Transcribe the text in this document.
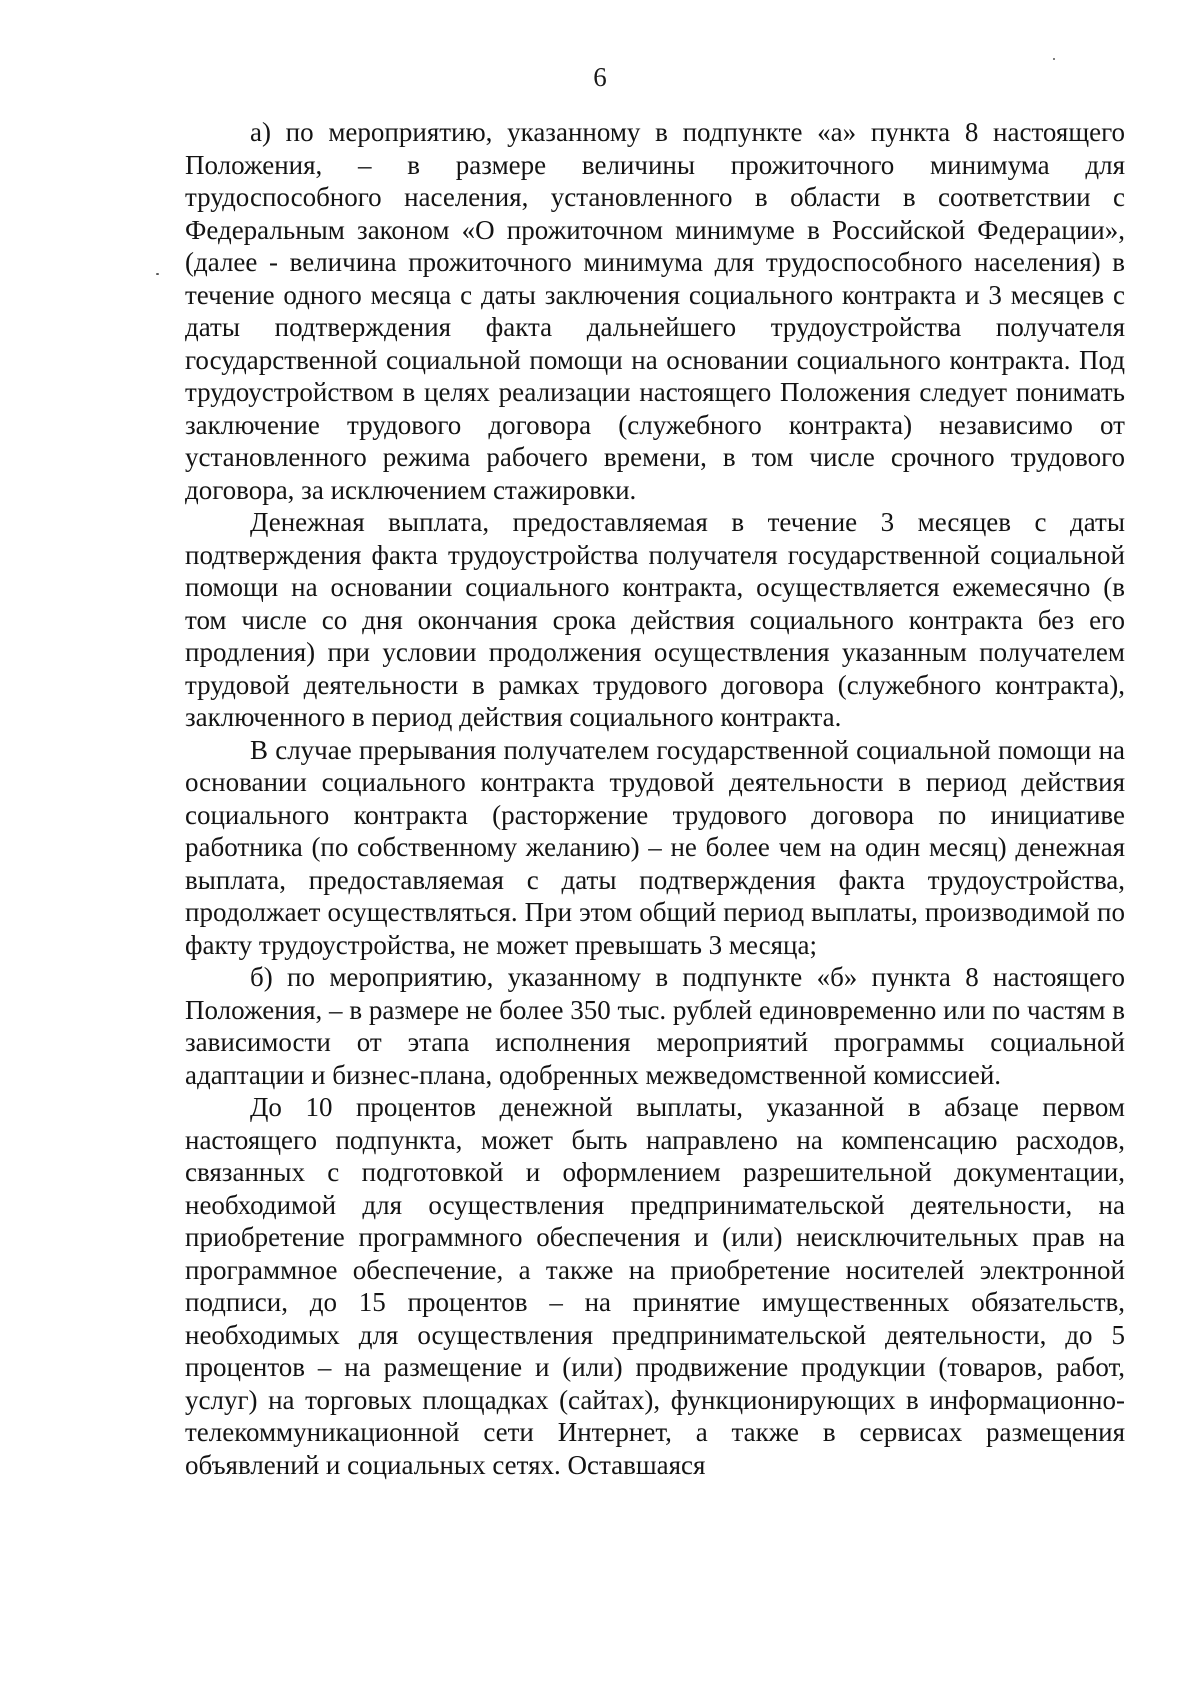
6

а) по мероприятию, указанному в подпункте «а» пункта 8 настоящего Положения, – в размере величины прожиточного минимума для трудоспособного населения, установленного в области в соответствии с Федеральным законом «О прожиточном минимуме в Российской Федерации», (далее - величина прожиточного минимума для трудоспособного населения) в течение одного месяца с даты заключения социального контракта и 3 месяцев с даты подтверждения факта дальнейшего трудоустройства получателя государственной социальной помощи на основании социального контракта. Под трудоустройством в целях реализации настоящего Положения следует понимать заключение трудового договора (служебного контракта) независимо от установленного режима рабочего времени, в том числе срочного трудового договора, за исключением стажировки.

Денежная выплата, предоставляемая в течение 3 месяцев с даты подтверждения факта трудоустройства получателя государственной социальной помощи на основании социального контракта, осуществляется ежемесячно (в том числе со дня окончания срока действия социального контракта без его продления) при условии продолжения осуществления указанным получателем трудовой деятельности в рамках трудового договора (служебного контракта), заключенного в период действия социального контракта.

В случае прерывания получателем государственной социальной помощи на основании социального контракта трудовой деятельности в период действия социального контракта (расторжение трудового договора по инициативе работника (по собственному желанию) – не более чем на один месяц) денежная выплата, предоставляемая с даты подтверждения факта трудоустройства, продолжает осуществляться. При этом общий период выплаты, производимой по факту трудоустройства, не может превышать 3 месяца;

б) по мероприятию, указанному в подпункте «б» пункта 8 настоящего Положения, – в размере не более 350 тыс. рублей единовременно или по частям в зависимости от этапа исполнения мероприятий программы социальной адаптации и бизнес-плана, одобренных межведомственной комиссией.

До 10 процентов денежной выплаты, указанной в абзаце первом настоящего подпункта, может быть направлено на компенсацию расходов, связанных с подготовкой и оформлением разрешительной документации, необходимой для осуществления предпринимательской деятельности, на приобретение программного обеспечения и (или) неисключительных прав на программное обеспечение, а также на приобретение носителей электронной подписи, до 15 процентов – на принятие имущественных обязательств, необходимых для осуществления предпринимательской деятельности, до 5 процентов – на размещение и (или) продвижение продукции (товаров, работ, услуг) на торговых площадках (сайтах), функционирующих в информационно-телекоммуникационной сети Интернет, а также в сервисах размещения объявлений и социальных сетях. Оставшаяся
